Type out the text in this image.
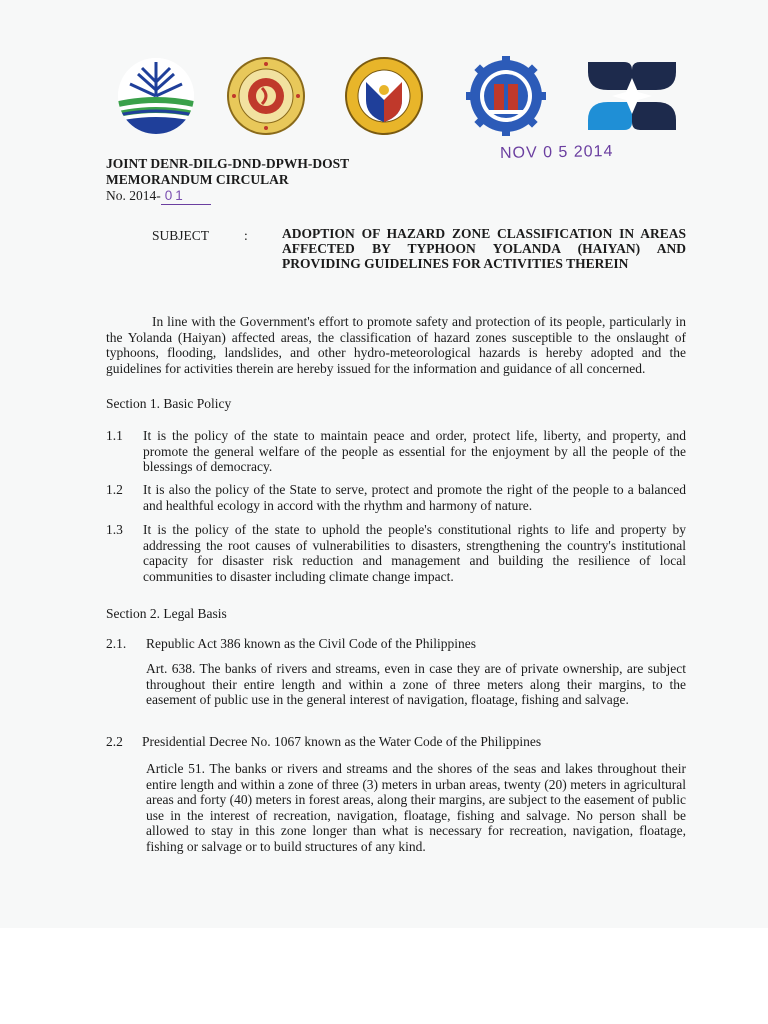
NOV 0 5 2014
JOINT DENR-DILG-DND-DPWH-DOST
MEMORANDUM CIRCULAR
No. 2014- 01
SUBJECT	:	ADOPTION OF HAZARD ZONE CLASSIFICATION IN AREAS AFFECTED BY TYPHOON YOLANDA (HAIYAN) AND PROVIDING GUIDELINES FOR ACTIVITIES THEREIN
In line with the Government's effort to promote safety and protection of its people, particularly in the Yolanda (Haiyan) affected areas, the classification of hazard zones susceptible to the onslaught of typhoons, flooding, landslides, and other hydro-meteorological hazards is hereby adopted and the guidelines for activities therein are hereby issued for the information and guidance of all concerned.
Section 1. Basic Policy
1.1 It is the policy of the state to maintain peace and order, protect life, liberty, and property, and promote the general welfare of the people as essential for the enjoyment by all the people of the blessings of democracy.
1.2 It is also the policy of the State to serve, protect and promote the right of the people to a balanced and healthful ecology in accord with the rhythm and harmony of nature.
1.3 It is the policy of the state to uphold the people's constitutional rights to life and property by addressing the root causes of vulnerabilities to disasters, strengthening the country's institutional capacity for disaster risk reduction and management and building the resilience of local communities to disaster including climate change impact.
Section 2. Legal Basis
2.1. Republic Act 386 known as the Civil Code of the Philippines
Art. 638. The banks of rivers and streams, even in case they are of private ownership, are subject throughout their entire length and within a zone of three meters along their margins, to the easement of public use in the general interest of navigation, floatage, fishing and salvage.
2.2 Presidential Decree No. 1067 known as the Water Code of the Philippines
Article 51. The banks or rivers and streams and the shores of the seas and lakes throughout their entire length and within a zone of three (3) meters in urban areas, twenty (20) meters in agricultural areas and forty (40) meters in forest areas, along their margins, are subject to the easement of public use in the interest of recreation, navigation, floatage, fishing and salvage. No person shall be allowed to stay in this zone longer than what is necessary for recreation, navigation, floatage, fishing or salvage or to build structures of any kind.
